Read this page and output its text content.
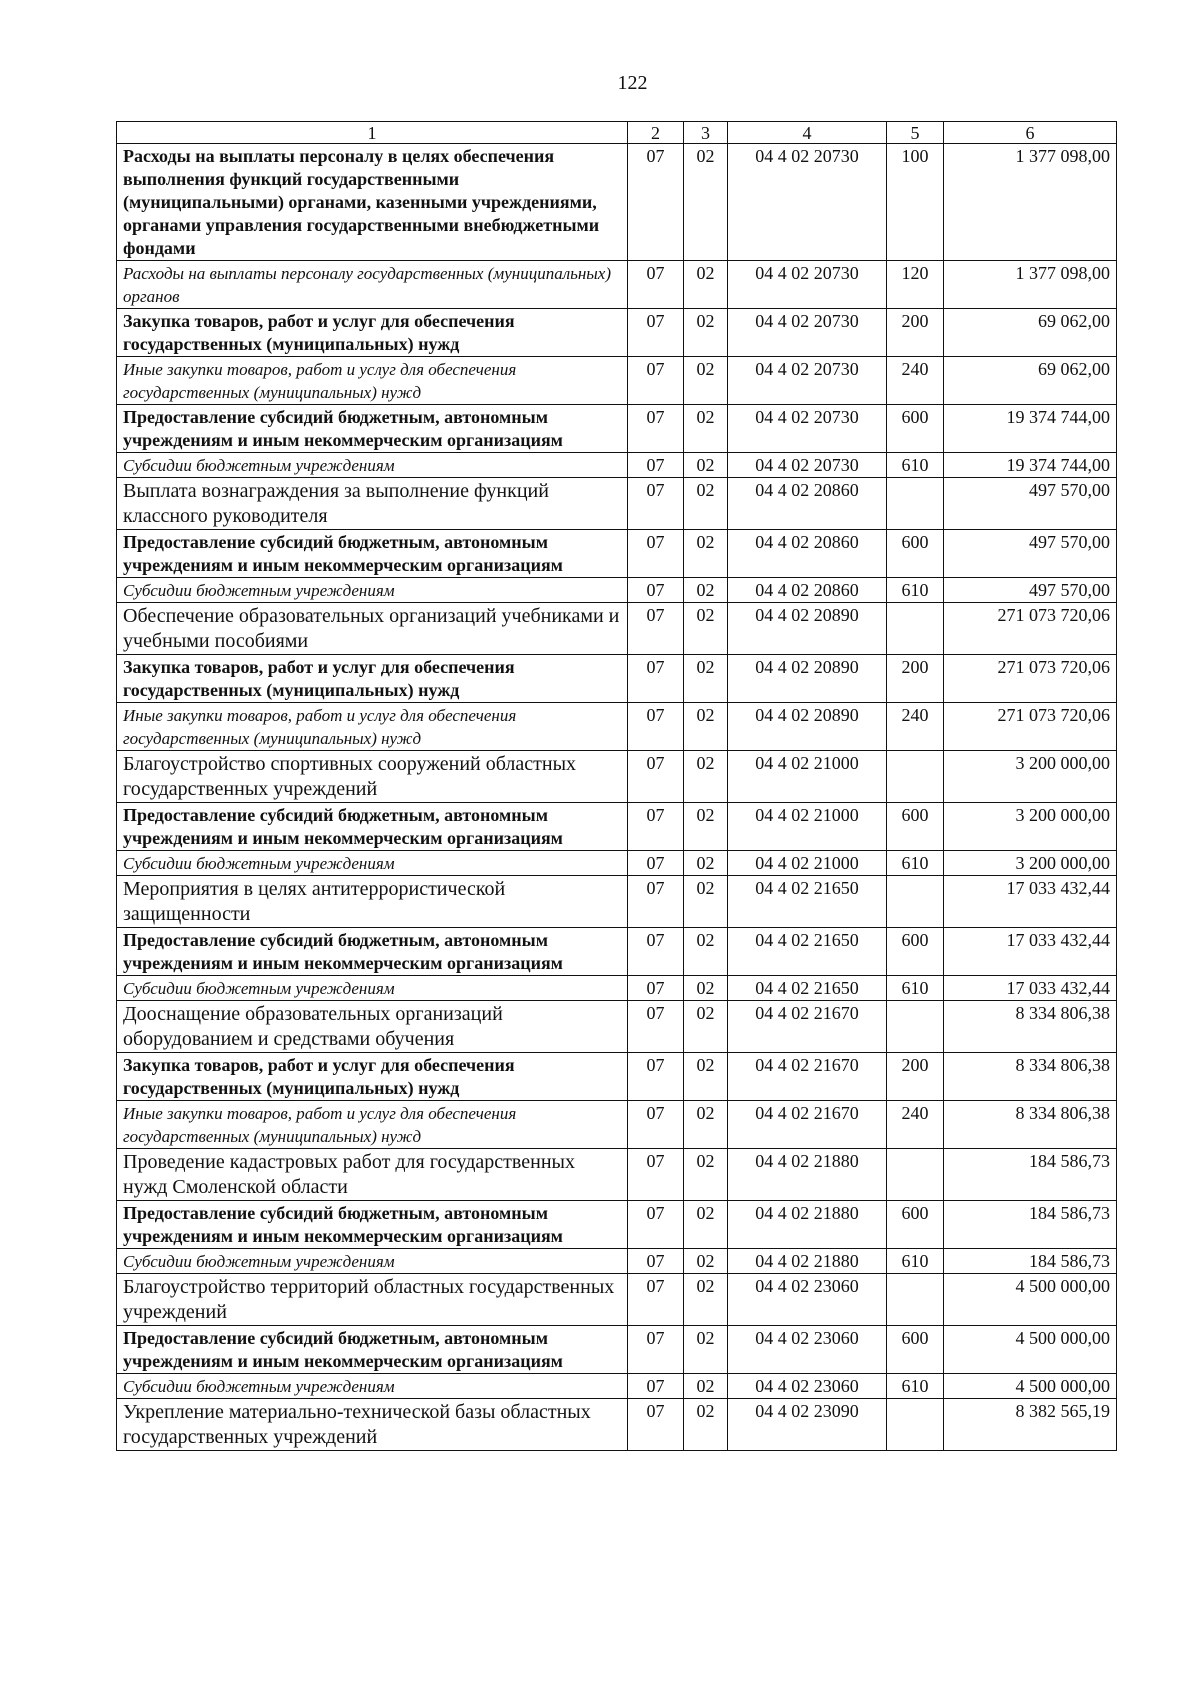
122
1	2	3	4	5	6
Расходы на выплаты персоналу в целях обеспечения выполнения функций государственными (муниципальными) органами, казенными учреждениями, органами управления государственными внебюджетными фондами	07	02	04 4 02 20730	100	1 377 098,00
Расходы на выплаты персоналу государственных (муниципальных) органов	07	02	04 4 02 20730	120	1 377 098,00
Закупка товаров, работ и услуг для обеспечения государственных (муниципальных) нужд	07	02	04 4 02 20730	200	69 062,00
Иные закупки товаров, работ и услуг для обеспечения государственных (муниципальных) нужд	07	02	04 4 02 20730	240	69 062,00
Предоставление субсидий бюджетным, автономным учреждениям и иным некоммерческим организациям	07	02	04 4 02 20730	600	19 374 744,00
Субсидии бюджетным учреждениям	07	02	04 4 02 20730	610	19 374 744,00
Выплата вознаграждения за выполнение функций классного руководителя	07	02	04 4 02 20860		497 570,00
Предоставление субсидий бюджетным, автономным учреждениям и иным некоммерческим организациям	07	02	04 4 02 20860	600	497 570,00
Субсидии бюджетным учреждениям	07	02	04 4 02 20860	610	497 570,00
Обеспечение образовательных организаций учебниками и учебными пособиями	07	02	04 4 02 20890		271 073 720,06
Закупка товаров, работ и услуг для обеспечения государственных (муниципальных) нужд	07	02	04 4 02 20890	200	271 073 720,06
Иные закупки товаров, работ и услуг для обеспечения государственных (муниципальных) нужд	07	02	04 4 02 20890	240	271 073 720,06
Благоустройство спортивных сооружений областных государственных учреждений	07	02	04 4 02 21000		3 200 000,00
Предоставление субсидий бюджетным, автономным учреждениям и иным некоммерческим организациям	07	02	04 4 02 21000	600	3 200 000,00
Субсидии бюджетным учреждениям	07	02	04 4 02 21000	610	3 200 000,00
Мероприятия в целях антитеррористической защищенности	07	02	04 4 02 21650		17 033 432,44
Предоставление субсидий бюджетным, автономным учреждениям и иным некоммерческим организациям	07	02	04 4 02 21650	600	17 033 432,44
Субсидии бюджетным учреждениям	07	02	04 4 02 21650	610	17 033 432,44
Дооснащение образовательных организаций оборудованием и средствами обучения	07	02	04 4 02 21670		8 334 806,38
Закупка товаров, работ и услуг для обеспечения государственных (муниципальных) нужд	07	02	04 4 02 21670	200	8 334 806,38
Иные закупки товаров, работ и услуг для обеспечения государственных (муниципальных) нужд	07	02	04 4 02 21670	240	8 334 806,38
Проведение кадастровых работ для государственных нужд Смоленской области	07	02	04 4 02 21880		184 586,73
Предоставление субсидий бюджетным, автономным учреждениям и иным некоммерческим организациям	07	02	04 4 02 21880	600	184 586,73
Субсидии бюджетным учреждениям	07	02	04 4 02 21880	610	184 586,73
Благоустройство территорий областных государственных учреждений	07	02	04 4 02 23060		4 500 000,00
Предоставление субсидий бюджетным, автономным учреждениям и иным некоммерческим организациям	07	02	04 4 02 23060	600	4 500 000,00
Субсидии бюджетным учреждениям	07	02	04 4 02 23060	610	4 500 000,00
Укрепление материально-технической базы областных государственных учреждений	07	02	04 4 02 23090		8 382 565,19
